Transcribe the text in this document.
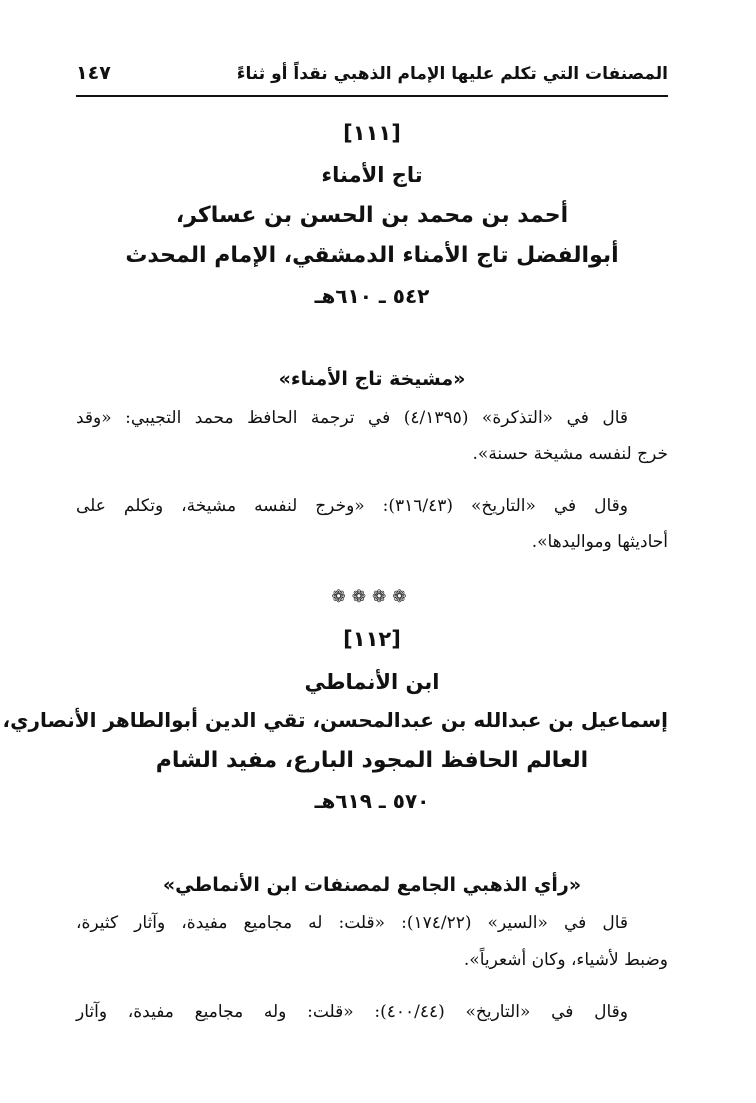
المصنفات التي تكلم عليها الإمام الذهبي نقداً أو ثناءً
١٤٧
[١١١]
تاج الأمناء
أحمد بن محمد بن الحسن بن عساكر،
أبوالفضل تاج الأمناء الدمشقي، الإمام المحدث
٥٤٢ ـ ٦١٠هـ
«مشيخة تاج الأمناء»
قال في «التذكرة» (٤/١٣٩٥) في ترجمة الحافظ محمد التجيبي: «وقد
خرج لنفسه مشيخة حسنة».
وقال في «التاريخ» (٣١٦/٤٣): «وخرج لنفسه مشيخة، وتكلم على
أحاديثها ومواليدها».
❁❁❁❁
[١١٢]
ابن الأنماطي
إسماعيل بن عبدالله بن عبدالمحسن، تقي الدين أبوالطاهر الأنصاري،
العالم الحافظ المجود البارع، مفيد الشام
٥٧٠ ـ ٦١٩هـ
«رأي الذهبي الجامع لمصنفات ابن الأنماطي»
قال في «السير» (١٧٤/٢٢): «قلت: له مجاميع مفيدة، وآثار كثيرة،
وضبط لأشياء، وكان أشعرياً».
وقال في «التاريخ» (٤٠٠/٤٤): «قلت: وله مجاميع مفيدة، وآثار
